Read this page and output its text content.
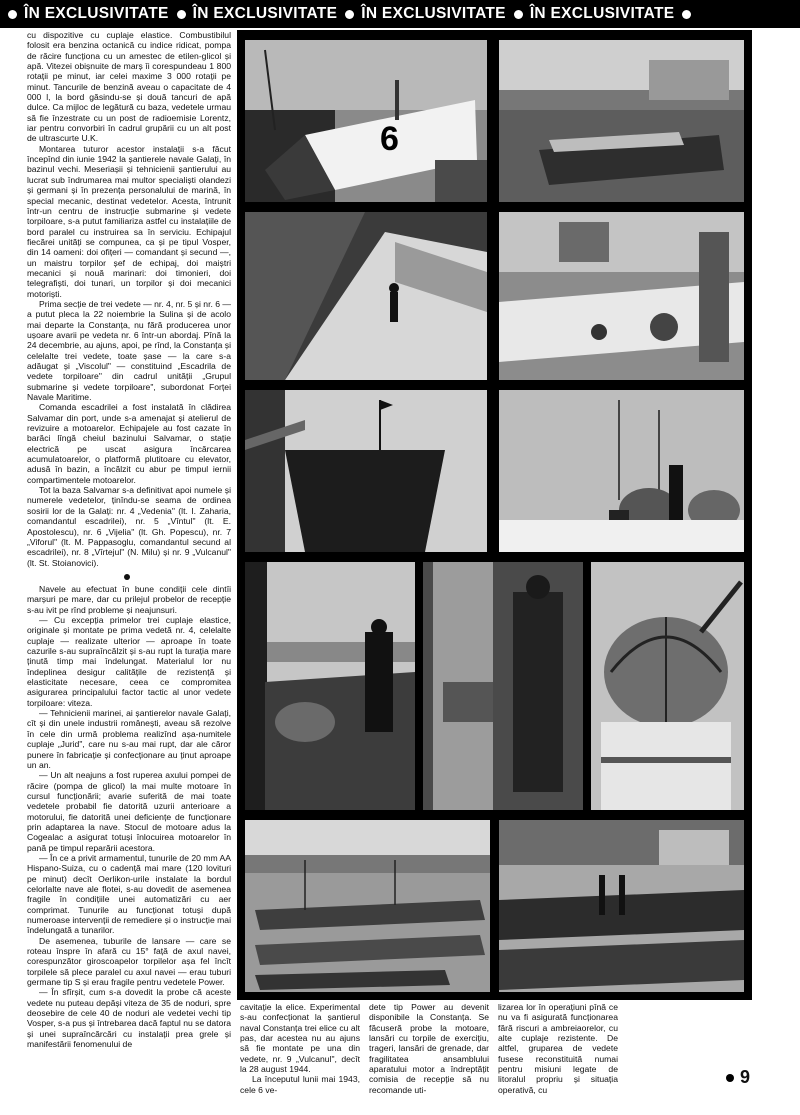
ÎN EXCLUSIVITATE ÎN EXCLUSIVITATE ÎN EXCLUSIVITATE ÎN EXCLUSIVITATE

cu dispozitive cu cuplaje elastice. Combustibilul folosit era benzina octanică cu indice ridicat, pompa de răcire funcționa cu un amestec de etilen-glicol și apă. Vitezei obișnuite de marș îi corespundeau 1 800 rotații pe minut, iar celei maxime 3 000 rotații pe minut. Tancurile de benzină aveau o capacitate de 4 000 l, la bord găsindu-se și două tancuri de apă dulce. Ca mijloc de legătură cu baza, vedetele urmau să fie înzestrate cu un post de radioemisie Lorentz, iar pentru convorbiri în cadrul grupării cu un alt post de ultrascurte U.K.

Montarea tuturor acestor instalații s-a făcut începînd din iunie 1942 la șantierele navale Galați, în bazinul vechi. Meseriașii și tehnicienii șantierului au lucrat sub îndrumarea mai multor specialiști olandezi și germani și în prezența personalului de marină, în special mecanic, destinat vedetelor. Acesta, întrunit într-un centru de instrucție submarine și vedete torpiloare, s-a putut familiariza astfel cu instalațiile de bord paralel cu instruirea sa în serviciu. Echipajul fiecărei unități se compunea, ca și pe tipul Vosper, din 14 oameni: doi ofițeri — comandant și secund —, un maistru torpilor șef de echipaj, doi maiștri mecanici și nouă marinari: doi timonieri, doi telegrafiști, doi tunari, un torpilor și doi mecanici motoriști.

Prima secție de trei vedete — nr. 4, nr. 5 și nr. 6 — a putut pleca la 22 noiembrie la Sulina și de acolo mai departe la Constanța, nu fără producerea unor ușoare avarii pe vedeta nr. 6 într-un abordaj. Pînă la 24 decembrie, au ajuns, apoi, pe rînd, la Constanța și celelalte trei vedete, toate șase — la care s-a adăugat și „Viscolul" — constituind „Escadrila de vedete torpiloare" din cadrul unității „Grupul submarine și vedete torpiloare", subordonat Forței Navale Maritime.

Comanda escadrilei a fost instalată în clădirea Salvamar din port, unde s-a amenajat și atelierul de revizuire a motoarelor. Echipajele au fost cazate în barăci lîngă cheiul bazinului Salvamar, o stație electrică pe uscat asigura încărcarea acumulatoarelor, o platformă plutitoare cu elevator, adusă în bazin, a încălzit cu abur pe timpul iernii compartimentele motoarelor.

Tot la baza Salvamar s-a definitivat apoi numele și numerele vedetelor, ținîndu-se seama de ordinea sosirii lor de la Galați: nr. 4 „Vedenia" (lt. I. Zaharia, comandantul escadrilei), nr. 5 „Vîntul" (lt. E. Apostolescu), nr. 6 „Vijelia" (lt. Gh. Popescu), nr. 7 „Viforul" (lt. M. Pappasoglu, comandantul secund al escadrilei), nr. 8 „Vîrtejul" (N. Milu) și nr. 9 „Vulcanul" (lt. St. Stoianovici).

Navele au efectuat în bune condiții cele dintîi marșuri pe mare, dar cu prilejul probelor de recepție s-au ivit pe rînd probleme și neajunsuri.

— Cu excepția primelor trei cuplaje elastice, originale și montate pe prima vedetă nr. 4, celelalte cuplaje — realizate ulterior — aproape în toate cazurile s-au supraîncălzit și s-au rupt la turația mare ținută timp mai îndelungat. Materialul lor nu îndeplinea desigur calitățile de rezistență și elasticitate necesare, ceea ce compromitea asigurarea principalului factor tactic al unor vedete torpiloare: viteza.

— Tehnicienii marinei, ai șantierelor navale Galați, cît și din unele industrii românești, aveau să rezolve în cele din urmă problema realizînd așa-numitele cuplaje „Jurid", care nu s-au mai rupt, dar ale căror punere în fabricație și confecționare au ținut aproape un an.

— Un alt neajuns a fost ruperea axului pompei de răcire (pompa de glicol) la mai multe motoare în cursul funcționării; avarie suferită de mai toate vedetele probabil fie datorită uzurii anterioare a motorului, fie datorită unei deficiențe de funcționare prin adaptarea la nave. Stocul de motoare adus la Cogealac a asigurat totuși înlocuirea motoarelor în pană pe timpul reparării acestora.

— În ce a privit armamentul, tunurile de 20 mm AA Hispano-Suiza, cu o cadență mai mare (120 lovituri pe minut) decît Oerlikon-urile instalate la bordul celorlalte nave ale flotei, s-au dovedit de asemenea fragile în condițiile unei automatizări cu aer comprimat. Tunurile au funcționat totuși după numeroase intervenții de remediere și o instrucție mai îndelungată a tunarilor.

De asemenea, tuburile de lansare — care se roteau înspre în afară cu 15° față de axul navei, corespunzător giroscoapelor torpilelor așa fel încît torpilele să plece paralel cu axul navei — erau tuburi germane tip S și erau fragile pentru vedetele Power.

— În sfîrșit, cum s-a dovedit la probe că aceste vedete nu puteau depăși viteza de 35 de noduri, spre deosebire de cele 40 de noduri ale vedetei vechi tip Vosper, s-a pus și întrebarea dacă faptul nu se datora și unei supraîncărcări cu instalații prea grele și manifestării fenomenului de

6

cavitație la elice. Experimental s-au confecționat la șantierul naval Constanța trei elice cu alt pas, dar acestea nu au ajuns să fie montate pe una din vedete, nr. 9 „Vulcanul", decît la 28 august 1944.

La începutul lunii mai 1943, cele 6 ve-

dete tip Power au devenit disponibile la Constanța. Se făcuseră probe la motoare, lansări cu torpile de exercițiu, trageri, lansări de grenade, dar fragilitatea ansamblului aparatului motor a îndreptățit comisia de recepție să nu recomande uti-

lizarea lor în operațiuni pînă ce nu va fi asigurată funcționarea fără riscuri a ambreiaorelor, cu alte cuplaje rezistente. De altfel, gruparea de vedete fusese reconstituită numai pentru misiuni legate de litoralul propriu și situația operativă, cu

9
